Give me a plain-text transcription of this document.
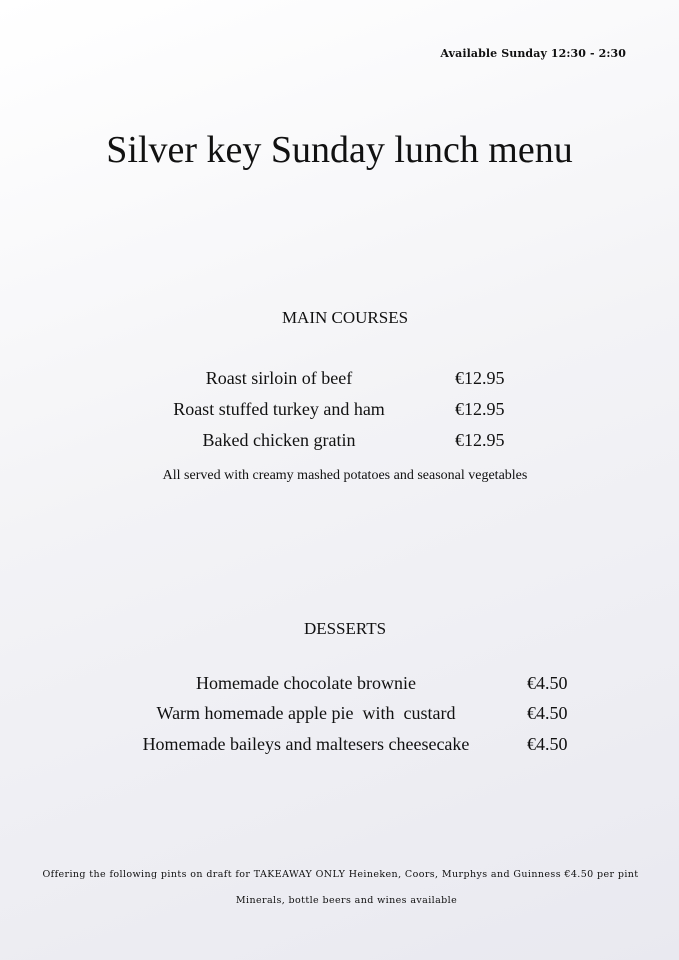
Available Sunday 12:30 - 2:30
Silver key Sunday lunch menu
MAIN COURSES
Roast sirloin of beef	€12.95
Roast stuffed turkey and ham	€12.95
Baked chicken gratin	€12.95
All served with creamy mashed potatoes and seasonal vegetables
DESSERTS
Homemade chocolate brownie	€4.50
Warm homemade apple pie  with  custard	€4.50
Homemade baileys and maltesers cheesecake	€4.50
Offering the following pints on draft for TAKEAWAY ONLY Heineken, Coors, Murphys and Guinness €4.50 per pint
Minerals, bottle beers and wines available
